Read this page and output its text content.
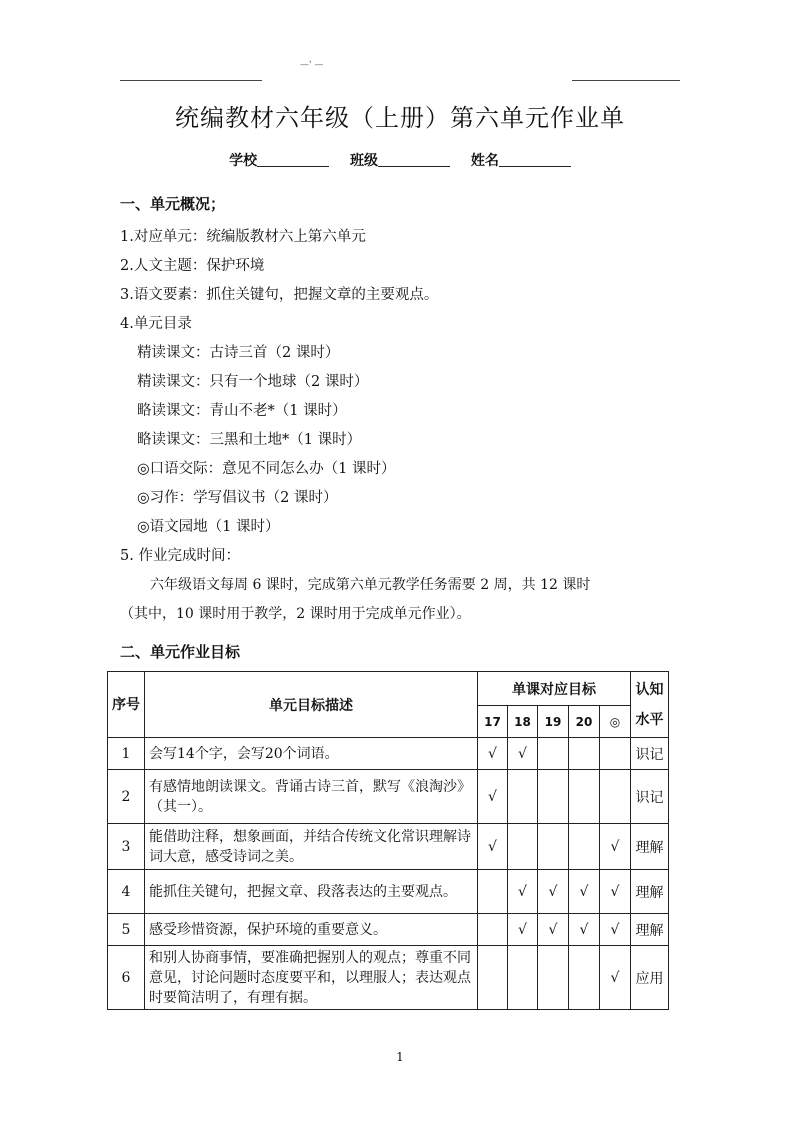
—' —
统编教材六年级（上册）第六单元作业单
学校	班级	姓名
一、单元概况；
1.对应单元：统编版教材六上第六单元
2.人文主题：保护环境
3.语文要素：抓住关键句，把握文章的主要观点。
4.单元目录
精读课文：古诗三首（2 课时）
精读课文：只有一个地球（2 课时）
略读课文：青山不老*（1 课时）
略读课文：三黑和土地*（1 课时）
◎口语交际：意见不同怎么办（1 课时）
◎习作：学写倡议书（2 课时）
◎语文园地（1 课时）
5. 作业完成时间：
六年级语文每周 6 课时，完成第六单元教学任务需要 2 周，共 12 课时
（其中，10 课时用于教学，2 课时用于完成单元作业）。
二、单元作业目标
序号	单元目标描述	单课对应目标					认知水平
		17	18	19	20	◎	
1	会写14个字，会写20个词语。	√	√				识记
2	有感情地朗读课文。背诵古诗三首，默写《浪淘沙》（其一）。	√					识记
3	能借助注释，想象画面，并结合传统文化常识理解诗词大意，感受诗词之美。	√				√	理解
4	能抓住关键句，把握文章、段落表达的主要观点。		√	√	√	√	理解
5	感受珍惜资源，保护环境的重要意义。		√	√	√	√	理解
6	和别人协商事情，要准确把握别人的观点；尊重不同意见，讨论问题时态度要平和，以理服人；表达观点时要简洁明了，有理有据。					√	应用
1
